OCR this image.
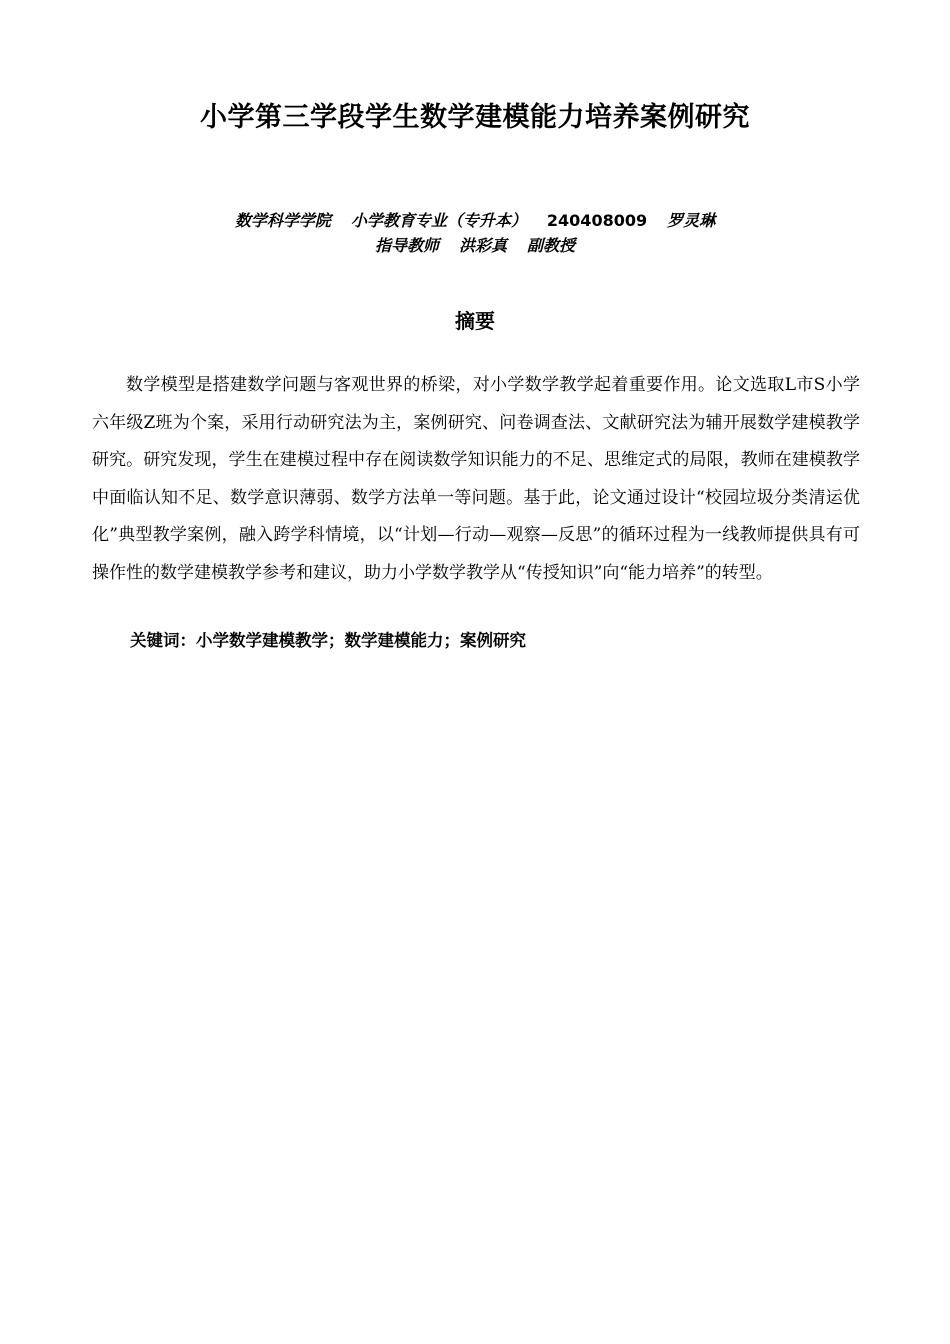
小学第三学段学生数学建模能力培养案例研究
数学科学学院 小学教育专业（专升本） 240408009 罗灵琳
指导教师 洪彩真 副教授
摘要

数学模型是搭建数学问题与客观世界的桥梁，对小学数学教学起着重要作用。论文选取L市S小学六年级Z班为个案，采用行动研究法为主，案例研究、问卷调查法、文献研究法为辅开展数学建模教学研究。研究发现，学生在建模过程中存在阅读数学知识能力的不足、思维定式的局限，教师在建模教学中面临认知不足、数学意识薄弱、数学方法单一等问题。基于此，论文通过设计“校园垃圾分类清运优化”典型教学案例，融入跨学科情境，以“计划—行动—观察—反思”的循环过程为一线教师提供具有可操作性的数学建模教学参考和建议，助力小学数学教学从“传授知识”向“能力培养”的转型。

关键词：小学数学建模教学；数学建模能力；案例研究
